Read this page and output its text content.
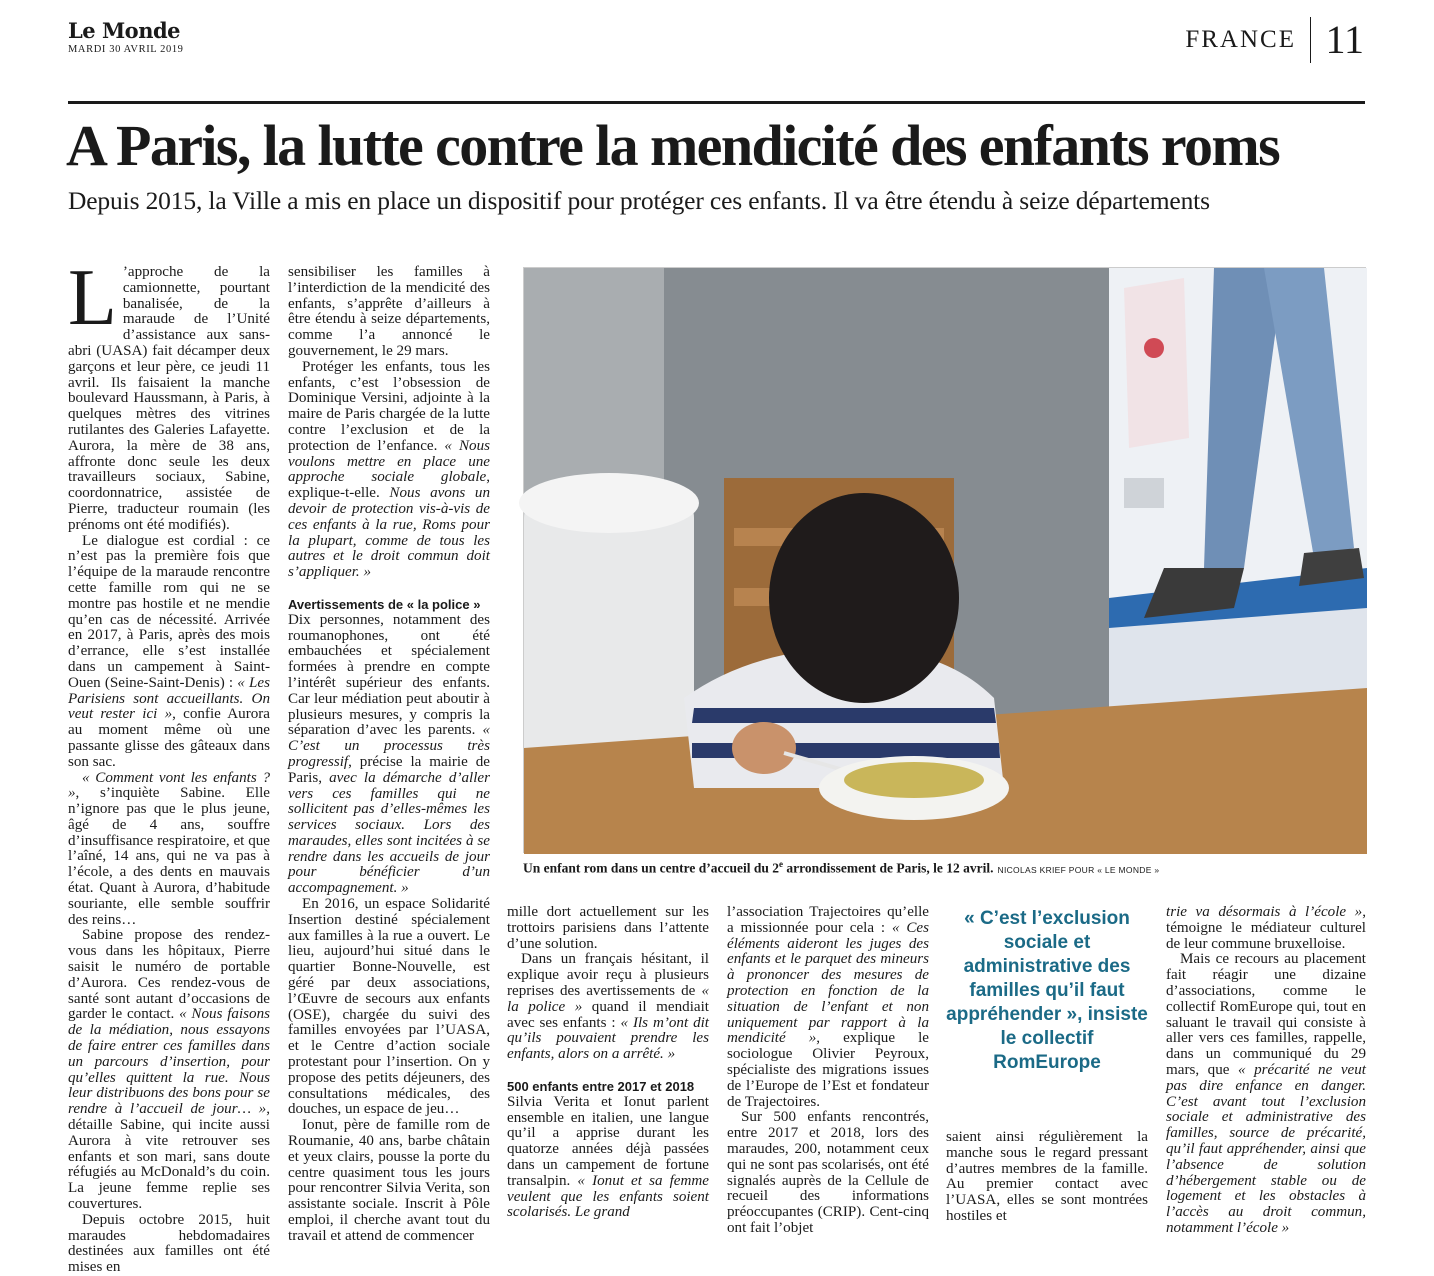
Le Monde
MARDI 30 AVRIL 2019	FRANCE 11
A Paris, la lutte contre la mendicité des enfants roms
Depuis 2015, la Ville a mis en place un dispositif pour protéger ces enfants. Il va être étendu à seize départements

L ’approche de la camionnette, pourtant banalisée, de la maraude de l’Unité d’assistance aux sans-abri (UASA) fait décamper deux garçons et leur père, ce jeudi 11 avril. Ils faisaient la manche boulevard Haussmann, à Paris, à quelques mètres des vitrines rutilantes des Galeries Lafayette. Aurora, la mère de 38 ans, affronte donc seule les deux travailleurs sociaux, Sabine, coordonnatrice, assistée de Pierre, traducteur roumain (les prénoms ont été modifiés).

Le dialogue est cordial : ce n’est pas la première fois que l’équipe de la maraude rencontre cette famille rom qui ne se montre pas hostile et ne mendie qu’en cas de nécessité. Arrivée en 2017, à Paris, après des mois d’errance, elle s’est installée dans un campement à Saint-Ouen (Seine-Saint-Denis) : « Les Parisiens sont accueillants. On veut rester ici », confie Aurora au moment même où une passante glisse des gâteaux dans son sac.

« Comment vont les enfants ? », s’inquiète Sabine. Elle n’ignore pas que le plus jeune, âgé de 4 ans, souffre d’insuffisance respiratoire, et que l’aîné, 14 ans, qui ne va pas à l’école, a des dents en mauvais état. Quant à Aurora, d’habitude souriante, elle semble souffrir des reins…

Sabine propose des rendez-vous dans les hôpitaux, Pierre saisit le numéro de portable d’Aurora. Ces rendez-vous de santé sont autant d’occasions de garder le contact. « Nous faisons de la médiation, nous essayons de faire entrer ces familles dans un parcours d’insertion, pour qu’elles quittent la rue. Nous leur distribuons des bons pour se rendre à l’accueil de jour… », détaille Sabine, qui incite aussi Aurora à vite retrouver ses enfants et son mari, sans doute réfugiés au McDonald’s du coin. La jeune femme replie ses couvertures.

Depuis octobre 2015, huit maraudes hebdomadaires destinées aux familles ont été mises en

sensibiliser les familles à l’interdiction de la mendicité des enfants, s’apprête d’ailleurs à être étendu à seize départements, comme l’a annoncé le gouvernement, le 29 mars.

Protéger les enfants, tous les enfants, c’est l’obsession de Dominique Versini, adjointe à la maire de Paris chargée de la lutte contre l’exclusion et de la protection de l’enfance. « Nous voulons mettre en place une approche sociale globale, explique-t-elle. Nous avons un devoir de protection vis-à-vis de ces enfants à la rue, Roms pour la plupart, comme de tous les autres et le droit commun doit s’appliquer. »

Avertissements de « la police »

Dix personnes, notamment des roumanophones, ont été embauchées et spécialement formées à prendre en compte l’intérêt supérieur des enfants. Car leur médiation peut aboutir à plusieurs mesures, y compris la séparation d’avec les parents. « C’est un processus très progressif, précise la mairie de Paris, avec la démarche d’aller vers ces familles qui ne sollicitent pas d’elles-mêmes les services sociaux. Lors des maraudes, elles sont incitées à se rendre dans les accueils de jour pour bénéficier d’un accompagnement. »

En 2016, un espace Solidarité Insertion destiné spécialement aux familles à la rue a ouvert. Le lieu, aujourd’hui situé dans le quartier Bonne-Nouvelle, est géré par deux associations, l’Œuvre de secours aux enfants (OSE), chargée du suivi des familles envoyées par l’UASA, et le Centre d’action sociale protestant pour l’insertion. On y propose des petits déjeuners, des consultations médicales, des douches, un espace de jeu…

Ionut, père de famille rom de Roumanie, 40 ans, barbe châtain et yeux clairs, pousse la porte du centre quasiment tous les jours pour rencontrer Silvia Verita, son assistante sociale. Inscrit à Pôle emploi, il cherche avant tout du travail et attend de commencer

Un enfant rom dans un centre d’accueil du 2e arrondissement de Paris, le 12 avril. NICOLAS KRIEF POUR « LE MONDE »

mille dort actuellement sur les trottoirs parisiens dans l’attente d’une solution.

Dans un français hésitant, il explique avoir reçu à plusieurs reprises des avertissements de « la police » quand il mendiait avec ses enfants : « Ils m’ont dit qu’ils pouvaient prendre les enfants, alors on a arrêté. »

500 enfants entre 2017 et 2018

Silvia Verita et Ionut parlent ensemble en italien, une langue qu’il a apprise durant les quatorze années déjà passées dans un campement de fortune transalpin. « Ionut et sa femme veulent que les enfants soient scolarisés. Le grand

l’association Trajectoires qu’elle a missionnée pour cela : « Ces éléments aideront les juges des enfants et le parquet des mineurs à prononcer des mesures de protection en fonction de la situation de l’enfant et non uniquement par rapport à la mendicité », explique le sociologue Olivier Peyroux, spécialiste des migrations issues de l’Europe de l’Est et fondateur de Trajectoires.

Sur 500 enfants rencontrés, entre 2017 et 2018, lors des maraudes, 200, notamment ceux qui ne sont pas scolarisés, ont été signalés auprès de la Cellule de recueil des informations préoccupantes (CRIP). Cent-cinq ont fait l’objet

« C’est l’exclusion sociale et administrative des familles qu’il faut appréhender », insiste le collectif RomEurope

saient ainsi régulièrement la manche sous le regard pressant d’autres membres de la famille. Au premier contact avec l’UASA, elles se sont montrées hostiles et

trie va désormais à l’école », témoigne le médiateur culturel de leur commune bruxelloise.

Mais ce recours au placement fait réagir une dizaine d’associations, comme le collectif RomEurope qui, tout en saluant le travail qui consiste à aller vers ces familles, rappelle, dans un communiqué du 29 mars, que « précarité ne veut pas dire enfance en danger. C’est avant tout l’exclusion sociale et administrative des familles, source de précarité, qu’il faut appréhender, ainsi que l’absence de solution d’hébergement stable ou de logement et les obstacles à l’accès au droit commun, notamment l’école »
